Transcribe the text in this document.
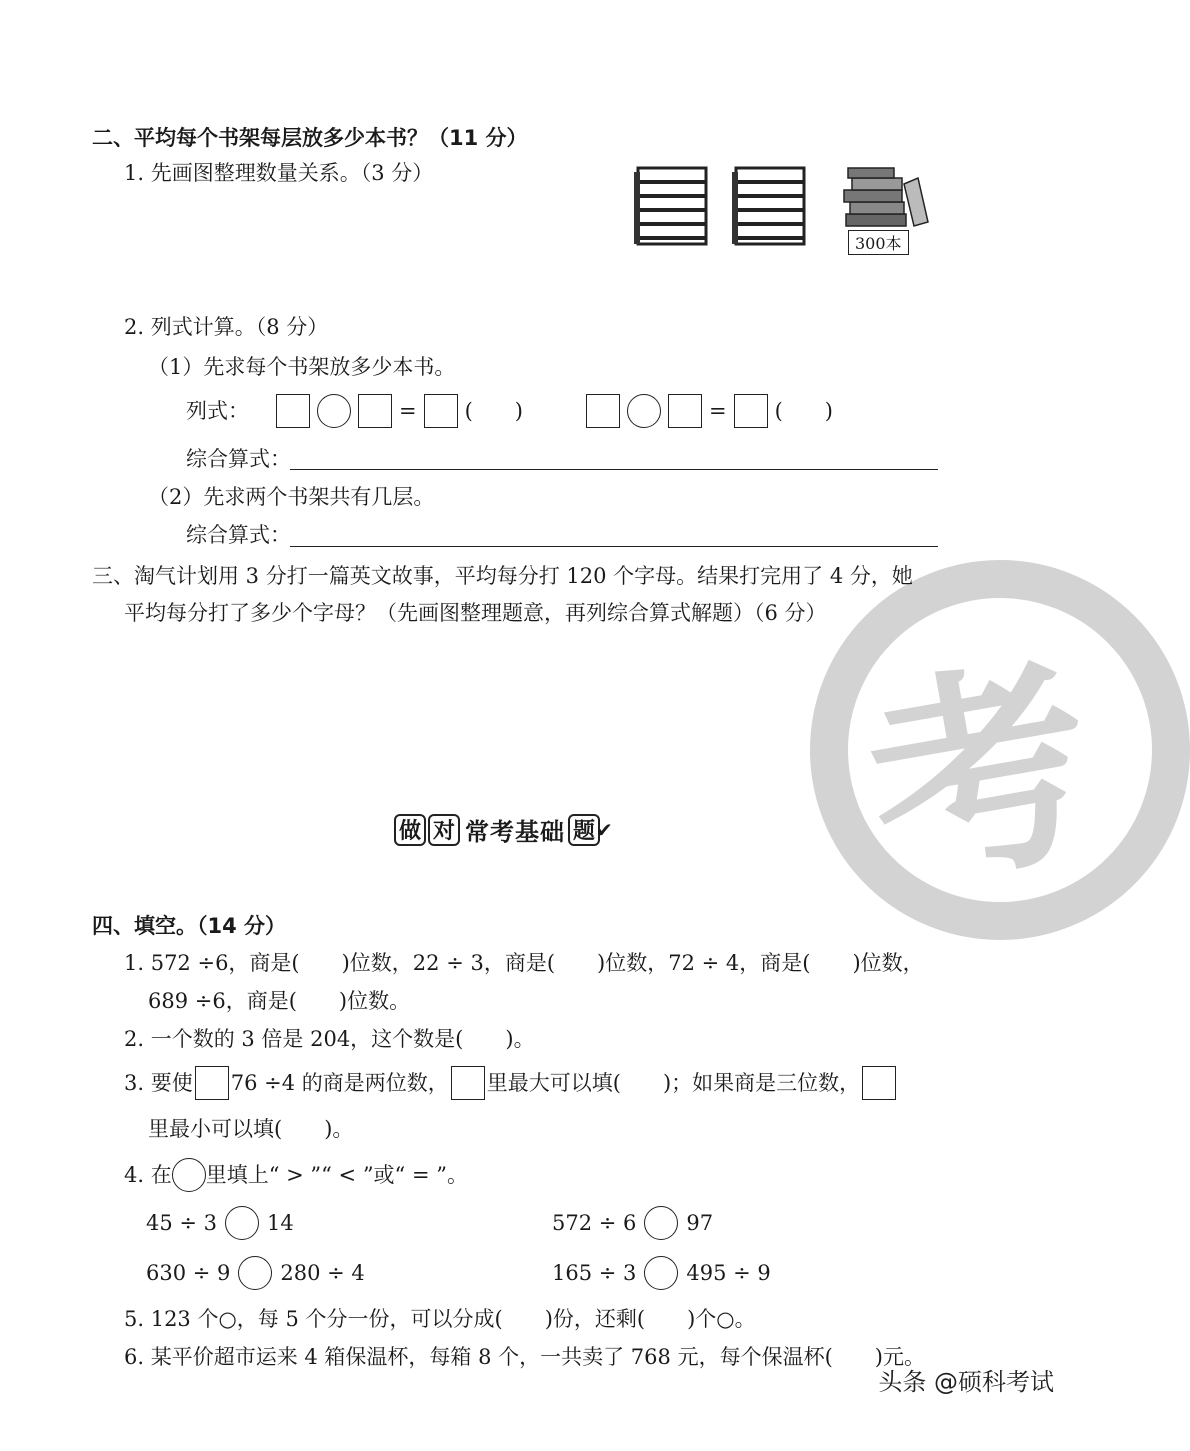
考
二、平均每个书架每层放多少本书？（11 分）
1. 先画图整理数量关系。（3 分）
300本
2. 列式计算。（8 分）
（1）先求每个书架放多少本书。
列式：	= (　　)	= (　　)
综合算式：
（2）先求两个书架共有几层。
综合算式：
三、淘气计划用 3 分打一篇英文故事，平均每分打 120 个字母。结果打完用了 4 分，她
平均每分打了多少个字母？（先画图整理题意，再列综合算式解题）（6 分）
做 对 常考基础 题 ✔
四、填空。（14 分）
1. 572 ÷6，商是(　　)位数，22 ÷ 3，商是(　　)位数，72 ÷ 4，商是(　　)位数，
689 ÷6，商是(　　)位数。
2. 一个数的 3 倍是 204，这个数是(　　)。
3. 要使 76 ÷4 的商是两位数， 里最大可以填(　　)；如果商是三位数，
里最小可以填(　　)。
4. 在 里填上“ > ”“ < ”或“ = ”。
45 ÷ 3 14	572 ÷ 6 97
630 ÷ 9 280 ÷ 4	165 ÷ 3 495 ÷ 9
5. 123 个○，每 5 个分一份，可以分成(　　)份，还剩(　　)个○。
6. 某平价超市运来 4 箱保温杯，每箱 8 个，一共卖了 768 元，每个保温杯(　　)元。
头条 @硕科考试
